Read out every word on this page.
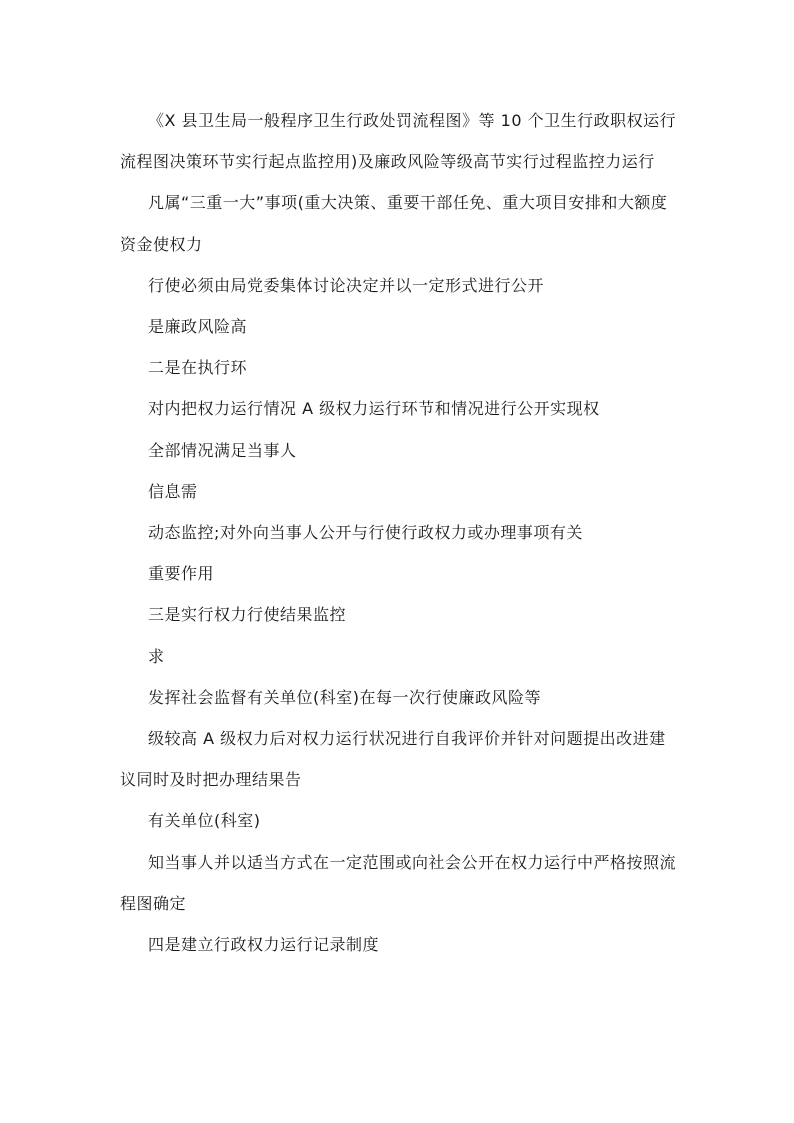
《X 县卫生局一般程序卫生行政处罚流程图》等 10 个卫生行政职权运行流程图决策环节实行起点监控用)及廉政风险等级高节实行过程监控力运行

凡属“三重一大”事项(重大决策、重要干部任免、重大项目安排和大额度资金使权力

行使必须由局党委集体讨论决定并以一定形式进行公开

是廉政风险高

二是在执行环

对内把权力运行情况 A 级权力运行环节和情况进行公开实现权

全部情况满足当事人

信息需

动态监控;对外向当事人公开与行使行政权力或办理事项有关

重要作用

三是实行权力行使结果监控

求

发挥社会监督有关单位(科室)在每一次行使廉政风险等

级较高 A 级权力后对权力运行状况进行自我评价并针对问题提出改进建议同时及时把办理结果告

有关单位(科室)

知当事人并以适当方式在一定范围或向社会公开在权力运行中严格按照流程图确定

四是建立行政权力运行记录制度
